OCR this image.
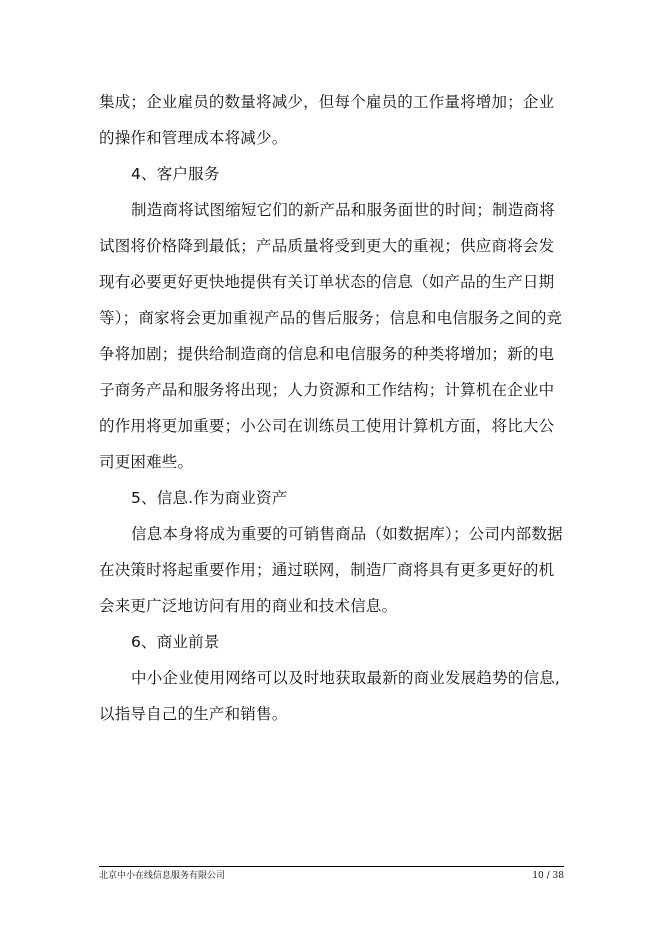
集成；企业雇员的数量将减少，但每个雇员的工作量将增加；企业
的操作和管理成本将减少。
4、客户服务
制造商将试图缩短它们的新产品和服务面世的时间；制造商将
试图将价格降到最低；产品质量将受到更大的重视；供应商将会发
现有必要更好更快地提供有关订单状态的信息（如产品的生产日期
等）；商家将会更加重视产品的售后服务；信息和电信服务之间的竞
争将加剧；提供给制造商的信息和电信服务的种类将增加；新的电
子商务产品和服务将出现；人力资源和工作结构；计算机在企业中
的作用将更加重要；小公司在训练员工使用计算机方面，将比大公
司更困难些。
5、信息.作为商业资产
信息本身将成为重要的可销售商品（如数据库）；公司内部数据
在决策时将起重要作用；通过联网，制造厂商将具有更多更好的机
会来更广泛地访问有用的商业和技术信息。
6、商业前景
中小企业使用网络可以及时地获取最新的商业发展趋势的信息,
以指导自己的生产和销售。
北京中小在线信息服务有限公司	10 / 38
